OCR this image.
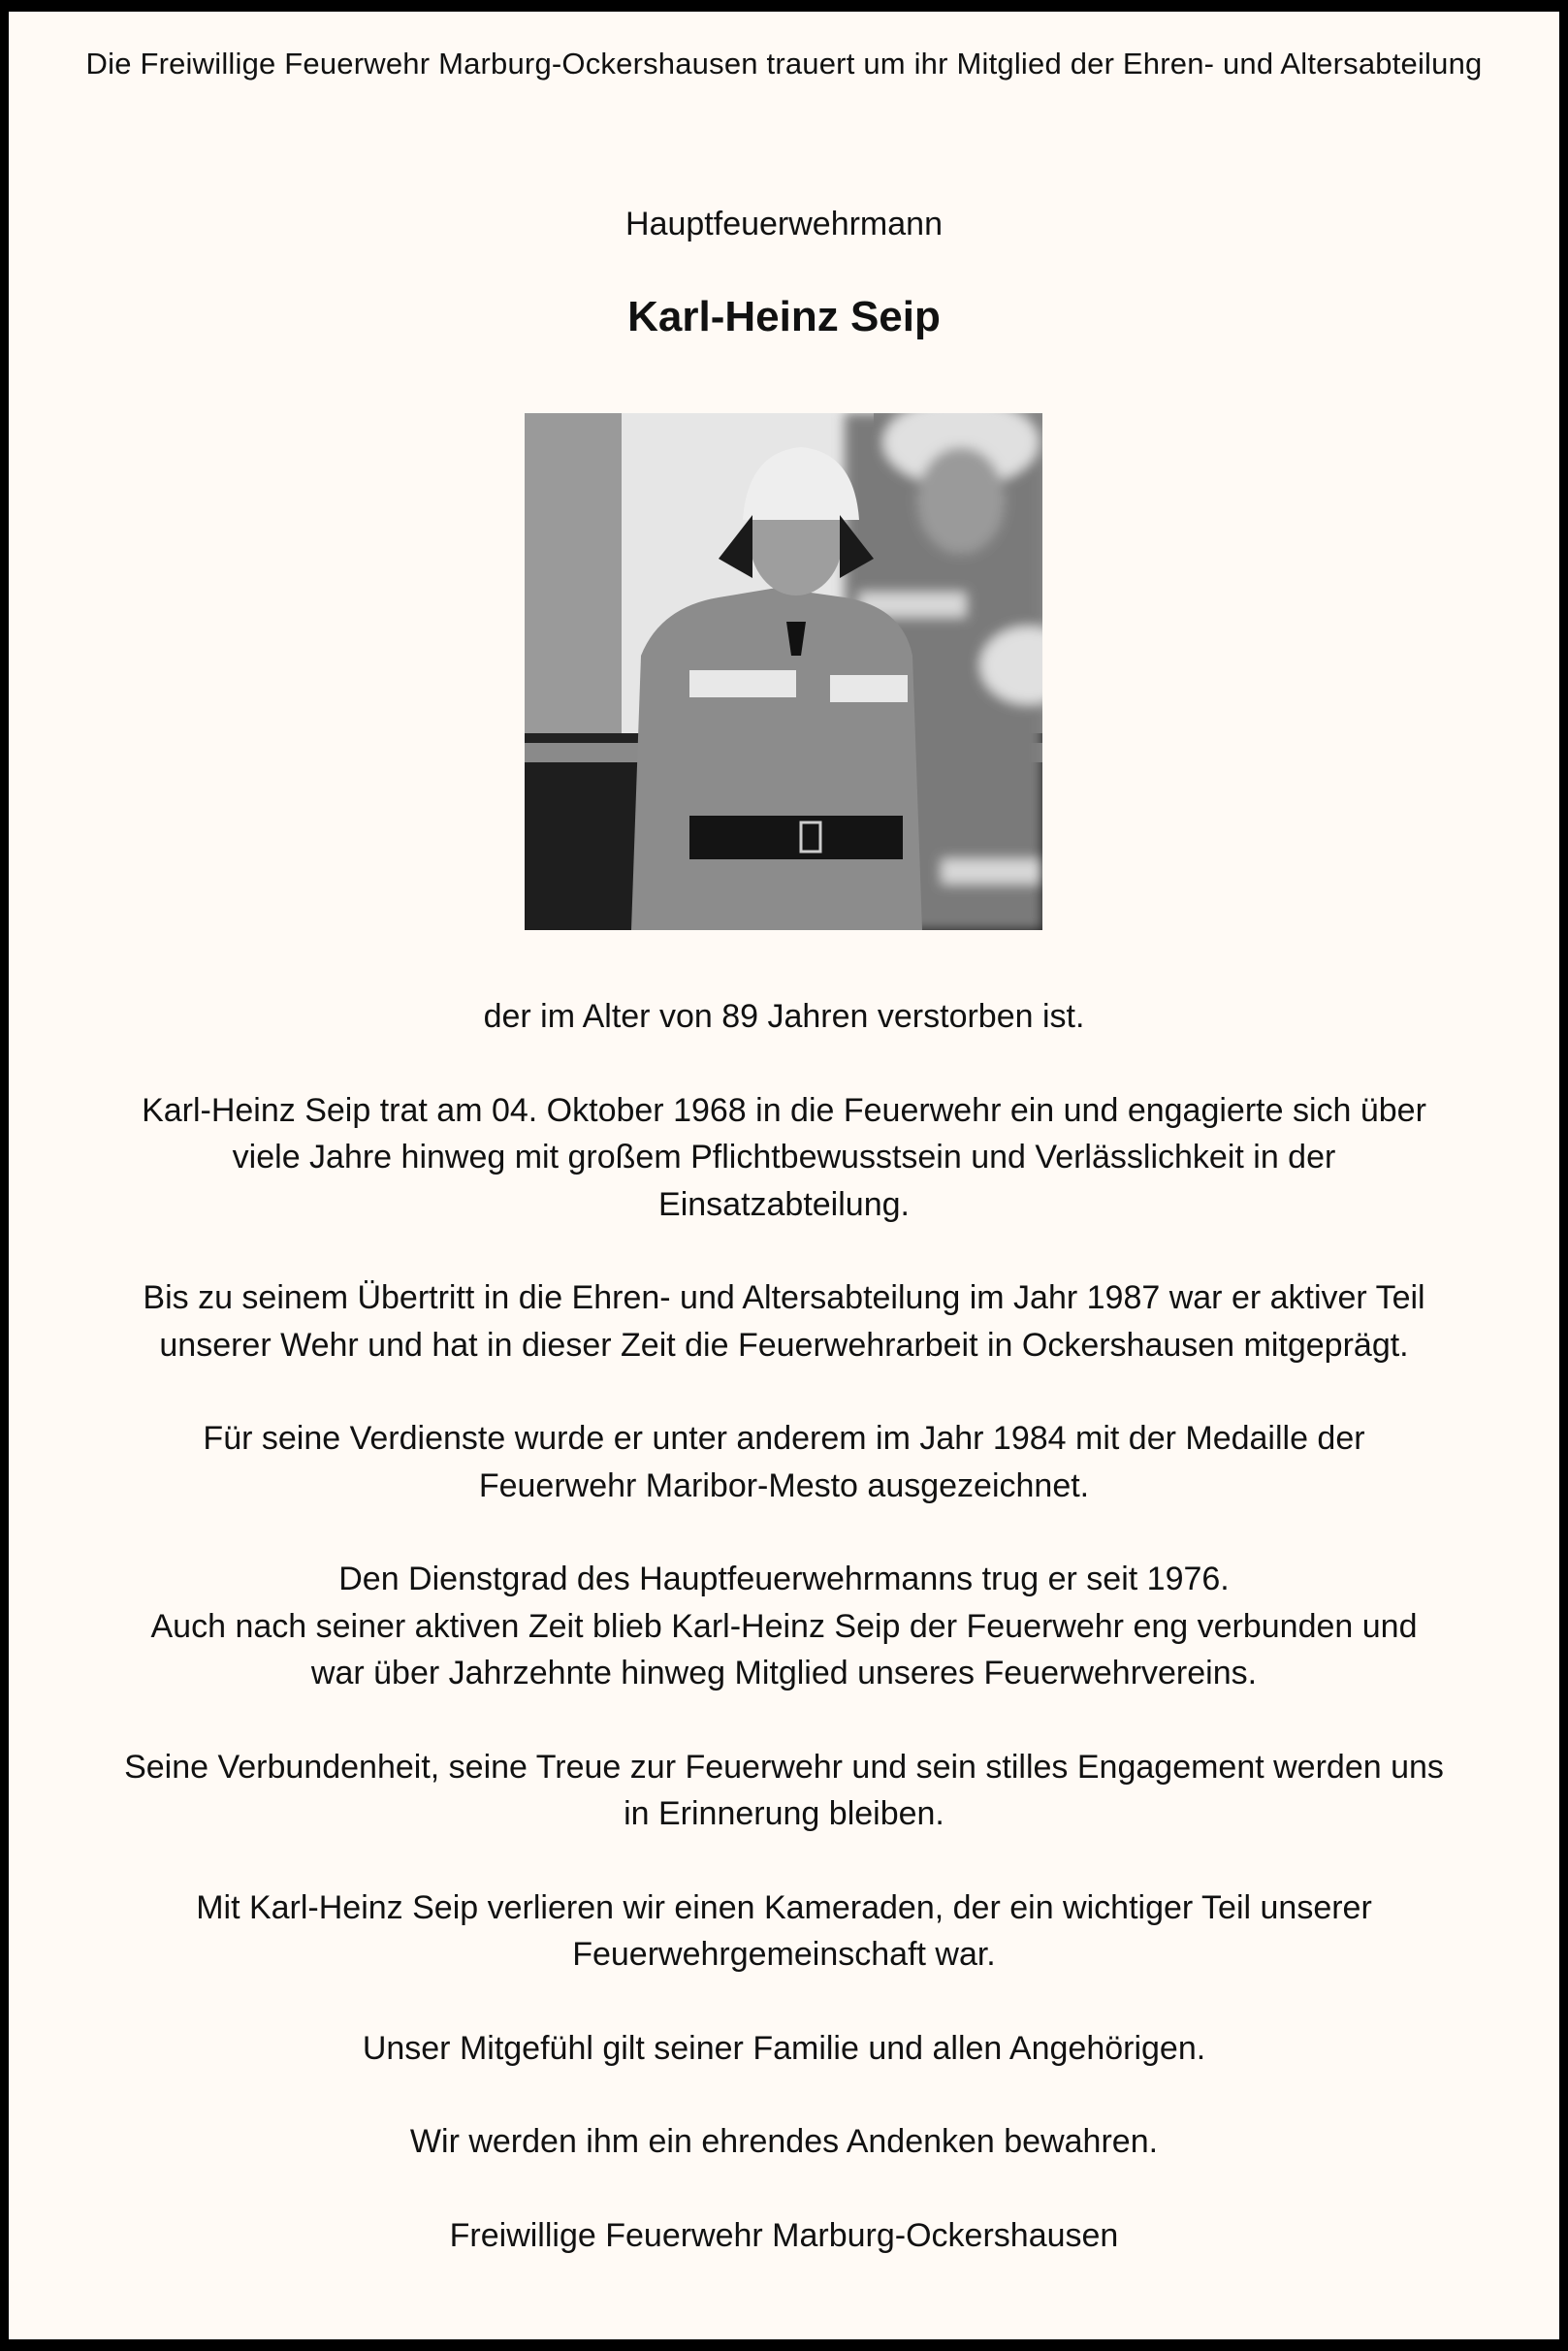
Die Freiwillige Feuerwehr Marburg-Ockershausen trauert um ihr Mitglied der Ehren- und Altersabteilung
Hauptfeuerwehrmann
Karl-Heinz Seip
der im Alter von 89 Jahren verstorben ist.
Karl-Heinz Seip trat am 04. Oktober 1968 in die Feuerwehr ein und engagierte sich über
viele Jahre hinweg mit großem Pflichtbewusstsein und Verlässlichkeit in der
Einsatzabteilung.
Bis zu seinem Übertritt in die Ehren- und Altersabteilung im Jahr 1987 war er aktiver Teil
unserer Wehr und hat in dieser Zeit die Feuerwehrarbeit in Ockershausen mitgeprägt.
Für seine Verdienste wurde er unter anderem im Jahr 1984 mit der Medaille der
Feuerwehr Maribor-Mesto ausgezeichnet.
Den Dienstgrad des Hauptfeuerwehrmanns trug er seit 1976.
Auch nach seiner aktiven Zeit blieb Karl-Heinz Seip der Feuerwehr eng verbunden und
war über Jahrzehnte hinweg Mitglied unseres Feuerwehrvereins.
Seine Verbundenheit, seine Treue zur Feuerwehr und sein stilles Engagement werden uns
in Erinnerung bleiben.
Mit Karl-Heinz Seip verlieren wir einen Kameraden, der ein wichtiger Teil unserer
Feuerwehrgemeinschaft war.
Unser Mitgefühl gilt seiner Familie und allen Angehörigen.
Wir werden ihm ein ehrendes Andenken bewahren.
Freiwillige Feuerwehr Marburg-Ockershausen
